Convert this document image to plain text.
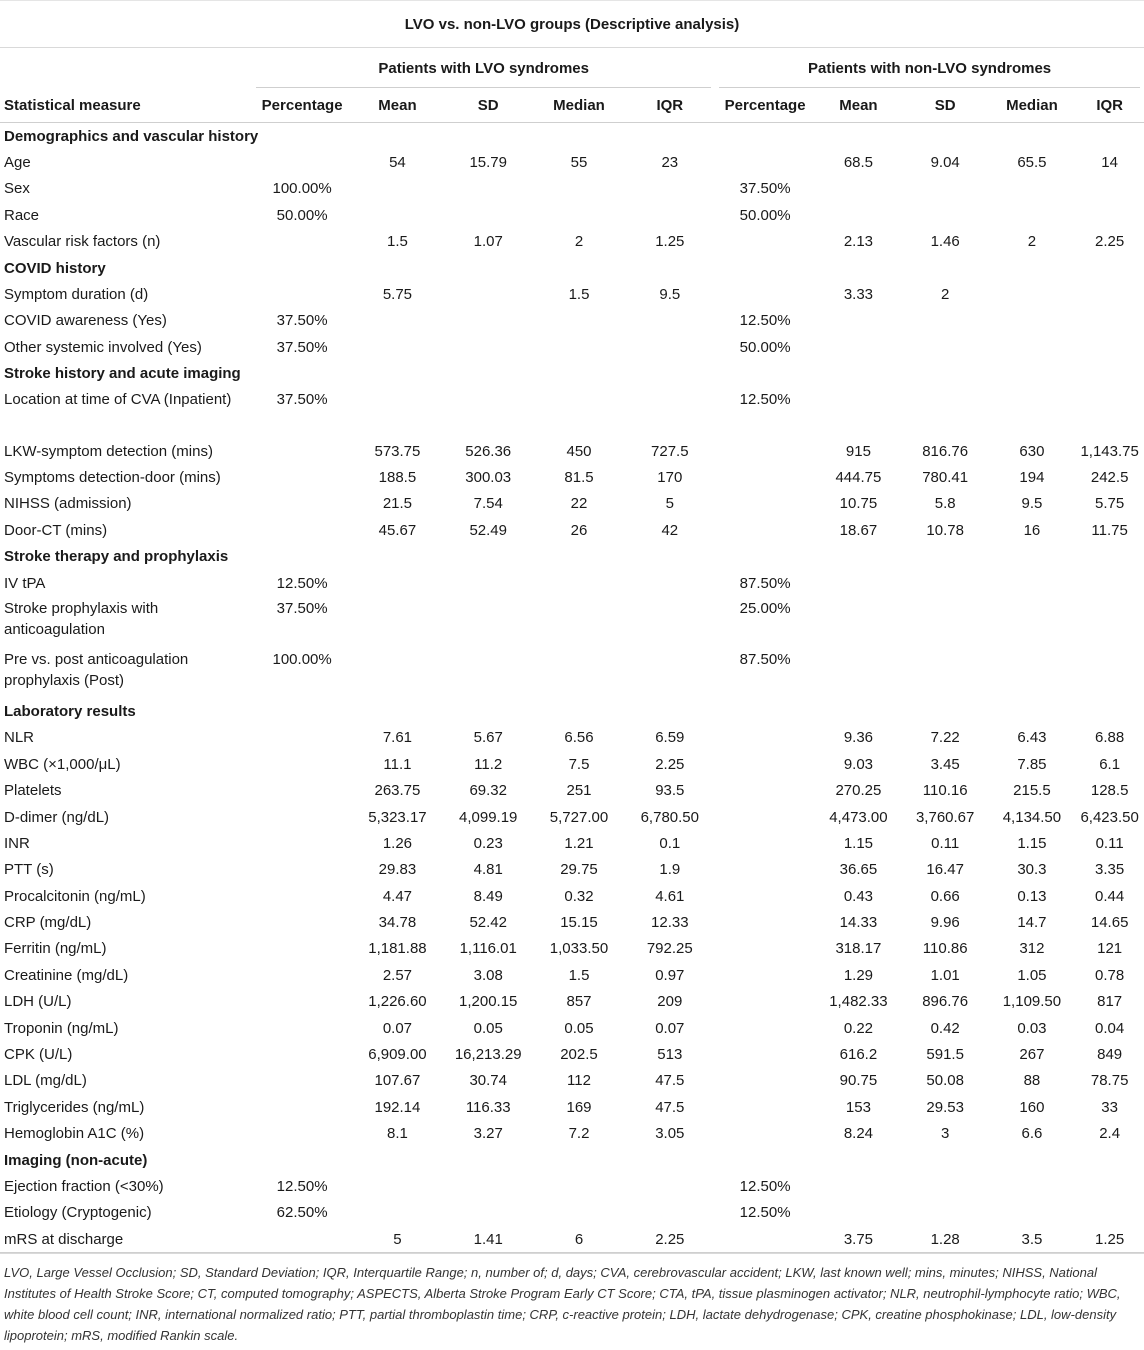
LVO vs. non-LVO groups (Descriptive analysis)
	Patients with LVO syndromes					Patients with non-LVO syndromes				

Statistical measure	Percentage	Mean	SD	Median	IQR	Percentage	Mean	SD	Median	IQR
Demographics and vascular history										
Age		54	15.79	55	23		68.5	9.04	65.5	14
Sex	100.00%					37.50%				
Race	50.00%					50.00%				
Vascular risk factors (n)		1.5	1.07	2	1.25		2.13	1.46	2	2.25
COVID history										
Symptom duration (d)		5.75		1.5	9.5		3.33	2		
COVID awareness (Yes)	37.50%					12.50%				
Other systemic involved (Yes)	37.50%					50.00%				
Stroke history and acute imaging										
Location at time of CVA (Inpatient)	37.50%					12.50%				
LKW-symptom detection (mins)		573.75	526.36	450	727.5		915	816.76	630	1,143.75
Symptoms detection-door (mins)		188.5	300.03	81.5	170		444.75	780.41	194	242.5
NIHSS (admission)		21.5	7.54	22	5		10.75	5.8	9.5	5.75
Door-CT (mins)		45.67	52.49	26	42		18.67	10.78	16	11.75
Stroke therapy and prophylaxis										
IV tPA	12.50%					87.50%				
Stroke prophylaxis with anticoagulation	37.50%					25.00%				
Pre vs. post anticoagulation prophylaxis (Post)	100.00%					87.50%				
Laboratory results										
NLR		7.61	5.67	6.56	6.59		9.36	7.22	6.43	6.88
WBC (×1,000/μL)		11.1	11.2	7.5	2.25		9.03	3.45	7.85	6.1
Platelets		263.75	69.32	251	93.5		270.25	110.16	215.5	128.5
D-dimer (ng/dL)		5,323.17	4,099.19	5,727.00	6,780.50		4,473.00	3,760.67	4,134.50	6,423.50
INR		1.26	0.23	1.21	0.1		1.15	0.11	1.15	0.11
PTT (s)		29.83	4.81	29.75	1.9		36.65	16.47	30.3	3.35
Procalcitonin (ng/mL)		4.47	8.49	0.32	4.61		0.43	0.66	0.13	0.44
CRP (mg/dL)		34.78	52.42	15.15	12.33		14.33	9.96	14.7	14.65
Ferritin (ng/mL)		1,181.88	1,116.01	1,033.50	792.25		318.17	110.86	312	121
Creatinine (mg/dL)		2.57	3.08	1.5	0.97		1.29	1.01	1.05	0.78
LDH (U/L)		1,226.60	1,200.15	857	209		1,482.33	896.76	1,109.50	817
Troponin (ng/mL)		0.07	0.05	0.05	0.07		0.22	0.42	0.03	0.04
CPK (U/L)		6,909.00	16,213.29	202.5	513		616.2	591.5	267	849
LDL (mg/dL)		107.67	30.74	112	47.5		90.75	50.08	88	78.75
Triglycerides (ng/mL)		192.14	116.33	169	47.5		153	29.53	160	33
Hemoglobin A1C (%)		8.1	3.27	7.2	3.05		8.24	3	6.6	2.4
Imaging (non-acute)										
Ejection fraction (<30%)	12.50%					12.50%				
Etiology (Cryptogenic)	62.50%					12.50%				
mRS at discharge		5	1.41	6	2.25		3.75	1.28	3.5	1.25
LVO, Large Vessel Occlusion; SD, Standard Deviation; IQR, Interquartile Range; n, number of; d, days; CVA, cerebrovascular accident; LKW, last known well; mins, minutes; NIHSS, National Institutes of Health Stroke Score; CT, computed tomography; ASPECTS, Alberta Stroke Program Early CT Score; CTA, tPA, tissue plasminogen activator; NLR, neutrophil-lymphocyte ratio; WBC, white blood cell count; INR, international normalized ratio; PTT, partial thromboplastin time; CRP, c-reactive protein; LDH, lactate dehydrogenase; CPK, creatine phosphokinase; LDL, low-density lipoprotein; mRS, modified Rankin scale.
